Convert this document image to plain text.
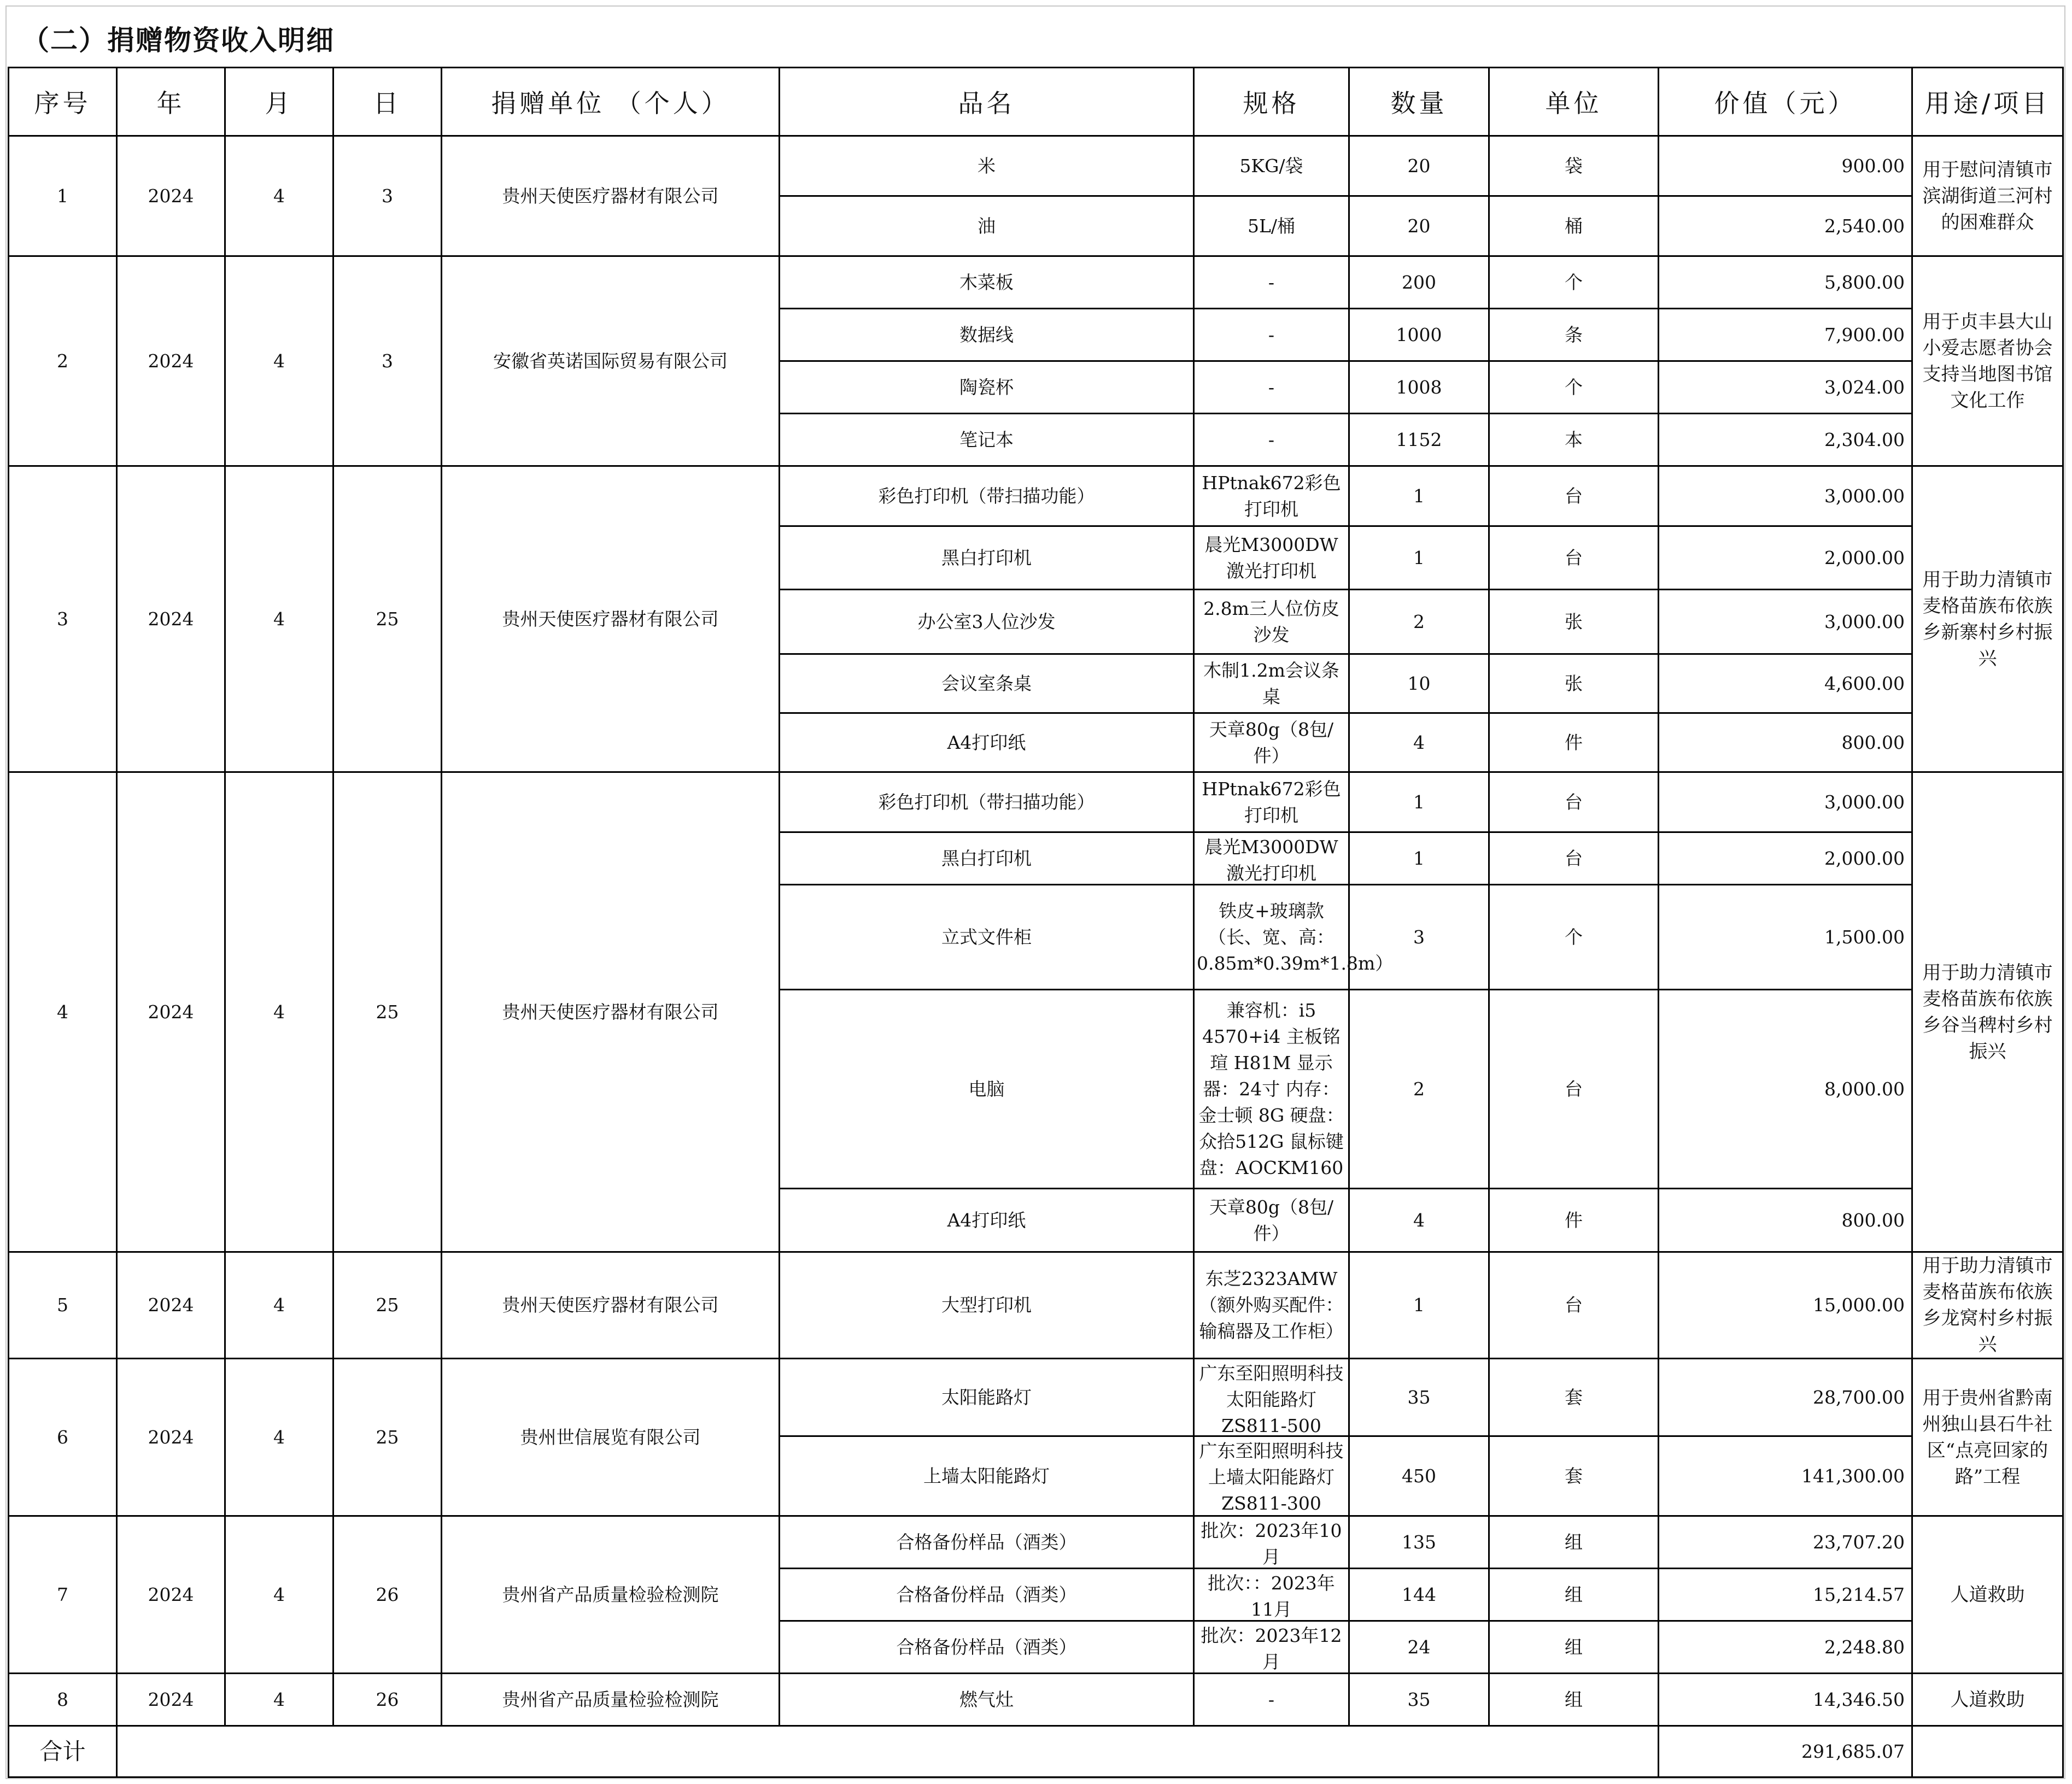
（二）捐赠物资收入明细
序号	年	月	日	捐赠单位 （个人）	品名	规格	数量	单位	价值（元）	用途/项目
1	2024	4	3	贵州天使医疗器材有限公司	米	5KG/袋	20	袋	900.00	用于慰问清镇市滨湖街道三河村的困难群众
					油	5L/桶	20	桶	2,540.00	
2	2024	4	3	安徽省英诺国际贸易有限公司	木菜板	-	200	个	5,800.00	用于贞丰县大山小爱志愿者协会支持当地图书馆文化工作
					数据线	-	1000	条	7,900.00	
					陶瓷杯	-	1008	个	3,024.00	
					笔记本	-	1152	本	2,304.00	
3	2024	4	25	贵州天使医疗器材有限公司	彩色打印机（带扫描功能）	HPtnak672彩色打印机	1	台	3,000.00	用于助力清镇市麦格苗族布依族乡新寨村乡村振兴
					黑白打印机	晨光M3000DW激光打印机	1	台	2,000.00	
					办公室3人位沙发	2.8m三人位仿皮沙发	2	张	3,000.00	
					会议室条桌	木制1.2m会议条桌	10	张	4,600.00	
					A4打印纸	天章80g（8包/件）	4	件	800.00	
4	2024	4	25	贵州天使医疗器材有限公司	彩色打印机（带扫描功能）	HPtnak672彩色打印机	1	台	3,000.00	用于助力清镇市麦格苗族布依族乡谷当稗村乡村振兴
					黑白打印机	晨光M3000DW激光打印机	1	台	2,000.00	
					立式文件柜	铁皮+玻璃款（长、宽、高：0.85m*0.39m*1.8m）	3	个	1,500.00	
					电脑	兼容机：i5 4570+i4 主板铭瑄 H81M 显示器：24寸 内存：金士顿 8G 硬盘：众拾512G 鼠标键盘：AOCKM160	2	台	8,000.00	
					A4打印纸	天章80g（8包/件）	4	件	800.00	
5	2024	4	25	贵州天使医疗器材有限公司	大型打印机	东芝2323AMW（额外购买配件：输稿器及工作柜）	1	台	15,000.00	用于助力清镇市麦格苗族布依族乡龙窝村乡村振兴
6	2024	4	25	贵州世信展览有限公司	太阳能路灯	广东至阳照明科技 太阳能路灯ZS811-500	35	套	28,700.00	用于贵州省黔南州独山县石牛社区“点亮回家的路”工程
					上墙太阳能路灯	广东至阳照明科技 上墙太阳能路灯ZS811-300	450	套	141,300.00	
7	2024	4	26	贵州省产品质量检验检测院	合格备份样品（酒类）	批次：2023年10月	135	组	23,707.20	人道救助
					合格备份样品（酒类）	批次：：2023年11月	144	组	15,214.57	
					合格备份样品（酒类）	批次：2023年12月	24	组	2,248.80	
8	2024	4	26	贵州省产品质量检验检测院	燃气灶	-	35	组	14,346.50	人道救助
合计									291,685.07	
